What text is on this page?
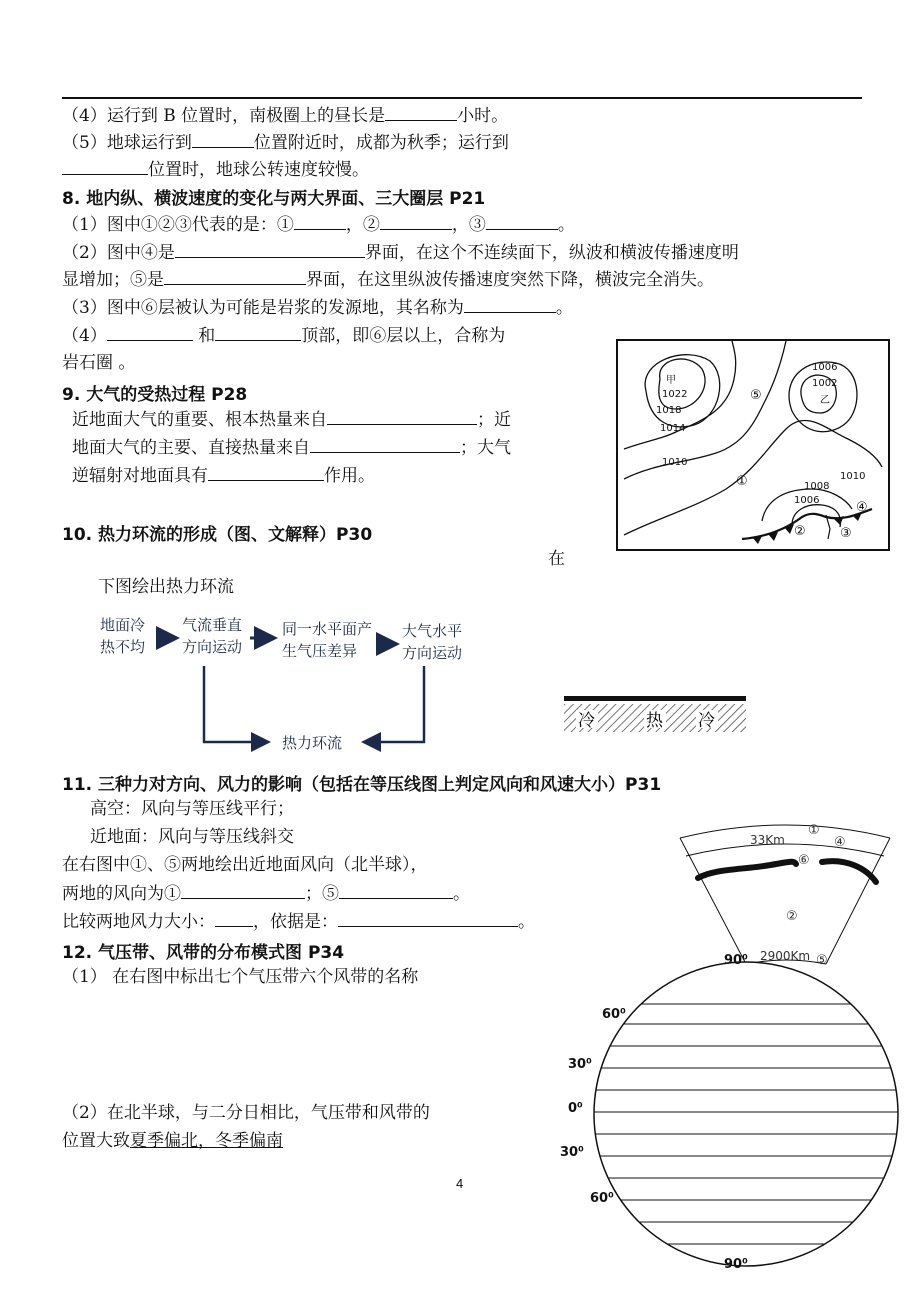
（4）运行到 B 位置时，南极圈上的昼长是	小时。
（5）地球运行到	位置附近时，成都为秋季；运行到
位置时，地球公转速度较慢。
8. 地内纵、横波速度的变化与两大界面、三大圈层 P21
（1）图中①②③代表的是：①	，②	，③	。
（2）图中④是	界面，在这个不连续面下，纵波和横波传播速度明
显增加；⑤是	界面，在这里纵波传播速度突然下降，横波完全消失。
（3）图中⑥层被认为可能是岩浆的发源地，其名称为	。
（4）	和	顶部，即⑥层以上，合称为
岩石圈 。
9. 大气的受热过程 P28
近地面大气的重要、根本热量来自	；近
地面大气的主要、直接热量来自	；大气
逆辐射对地面具有	作用。
甲
1022
1018
1014
1010
1006
1002
乙
1010
1008
1006
①
②	③
④
⑤
10. 热力环流的形成（图、文解释）P30
在
下图绘出热力环流
地面冷
热不均
气流垂直
方向运动
同一水平面产
生气压差异
大气水平
方向运动
热力环流
冷	热 冷
11. 三种力对方向、风力的影响（包括在等压线图上判定风向和风速大小）P31
高空：风向与等压线平行；
近地面：风向与等压线斜交
在右图中①、⑤两地绘出近地面风向（北半球），
两地的风向为①	；⑤	。
比较两地风力大小： ，依据是：	。
33Km
①
④
⑥
②
2900Km ⑤
12. 气压带、风带的分布模式图 P34
（1） 在右图中标出七个气压带六个风带的名称
（2）在北半球，与二分日相比，气压带和风带的
位置大致夏季偏北，冬季偏南
90⁰
60⁰
30⁰
0⁰
30⁰
60⁰
90⁰
4
